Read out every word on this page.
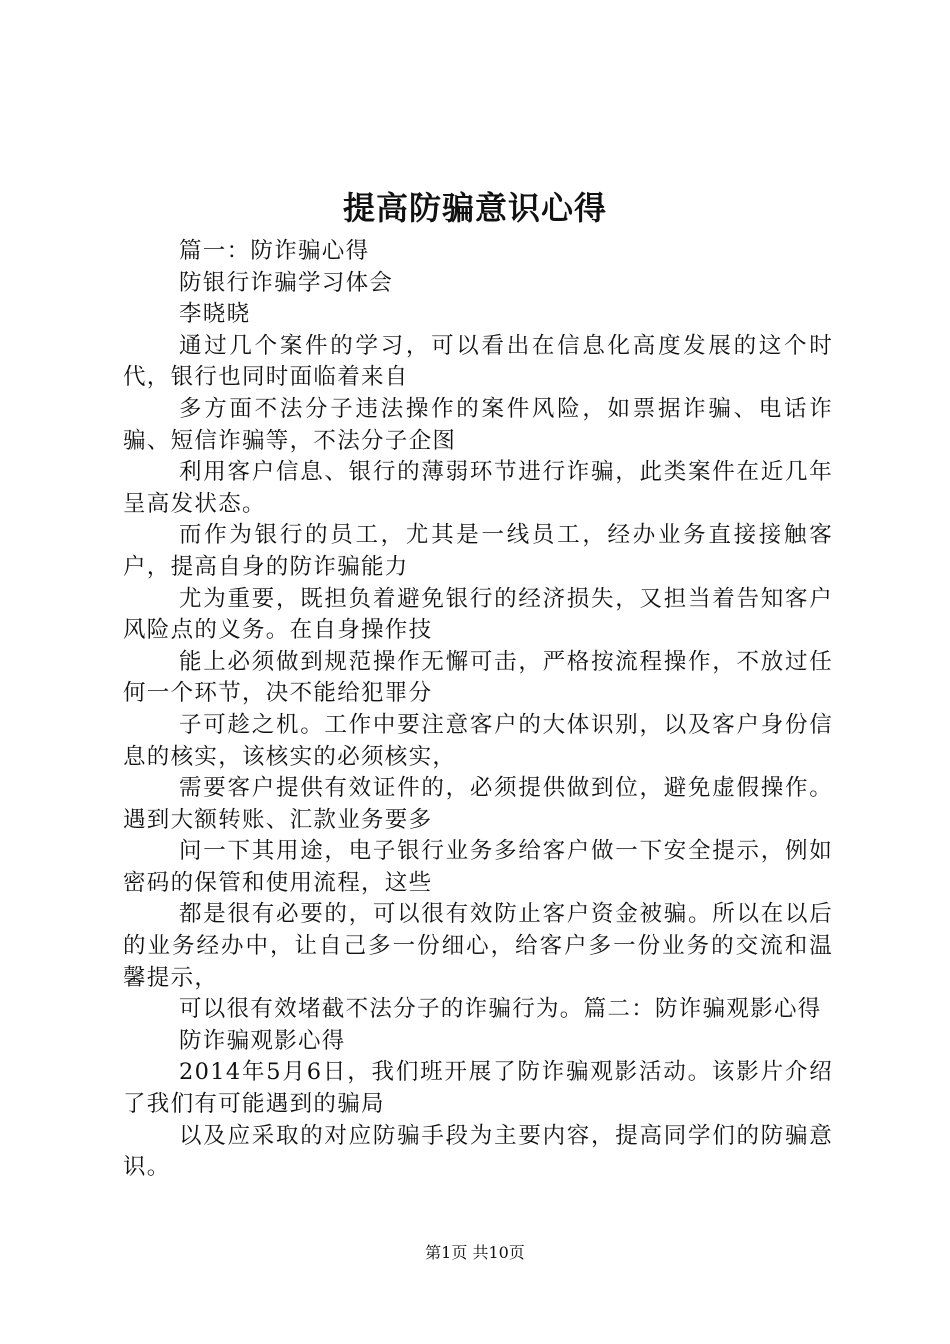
提高防骗意识心得

篇一：防诈骗心得

防银行诈骗学习体会

李晓晓

通过几个案件的学习，可以看出在信息化高度发展的这个时代，银行也同时面临着来自

多方面不法分子违法操作的案件风险，如票据诈骗、电话诈骗、短信诈骗等，不法分子企图

利用客户信息、银行的薄弱环节进行诈骗，此类案件在近几年呈高发状态。

而作为银行的员工，尤其是一线员工，经办业务直接接触客户，提高自身的防诈骗能力

尤为重要，既担负着避免银行的经济损失，又担当着告知客户风险点的义务。在自身操作技

能上必须做到规范操作无懈可击，严格按流程操作，不放过任何一个环节，决不能给犯罪分

子可趁之机。工作中要注意客户的大体识别，以及客户身份信息的核实，该核实的必须核实，

需要客户提供有效证件的，必须提供做到位，避免虚假操作。遇到大额转账、汇款业务要多

问一下其用途，电子银行业务多给客户做一下安全提示，例如密码的保管和使用流程，这些

都是很有必要的，可以很有效防止客户资金被骗。所以在以后的业务经办中，让自己多一份细心，给客户多一份业务的交流和温馨提示，

可以很有效堵截不法分子的诈骗行为。篇二：防诈骗观影心得

防诈骗观影心得

2014年5月6日，我们班开展了防诈骗观影活动。该影片介绍了我们有可能遇到的骗局

以及应采取的对应防骗手段为主要内容，提高同学们的防骗意识。

第1页 共10页
